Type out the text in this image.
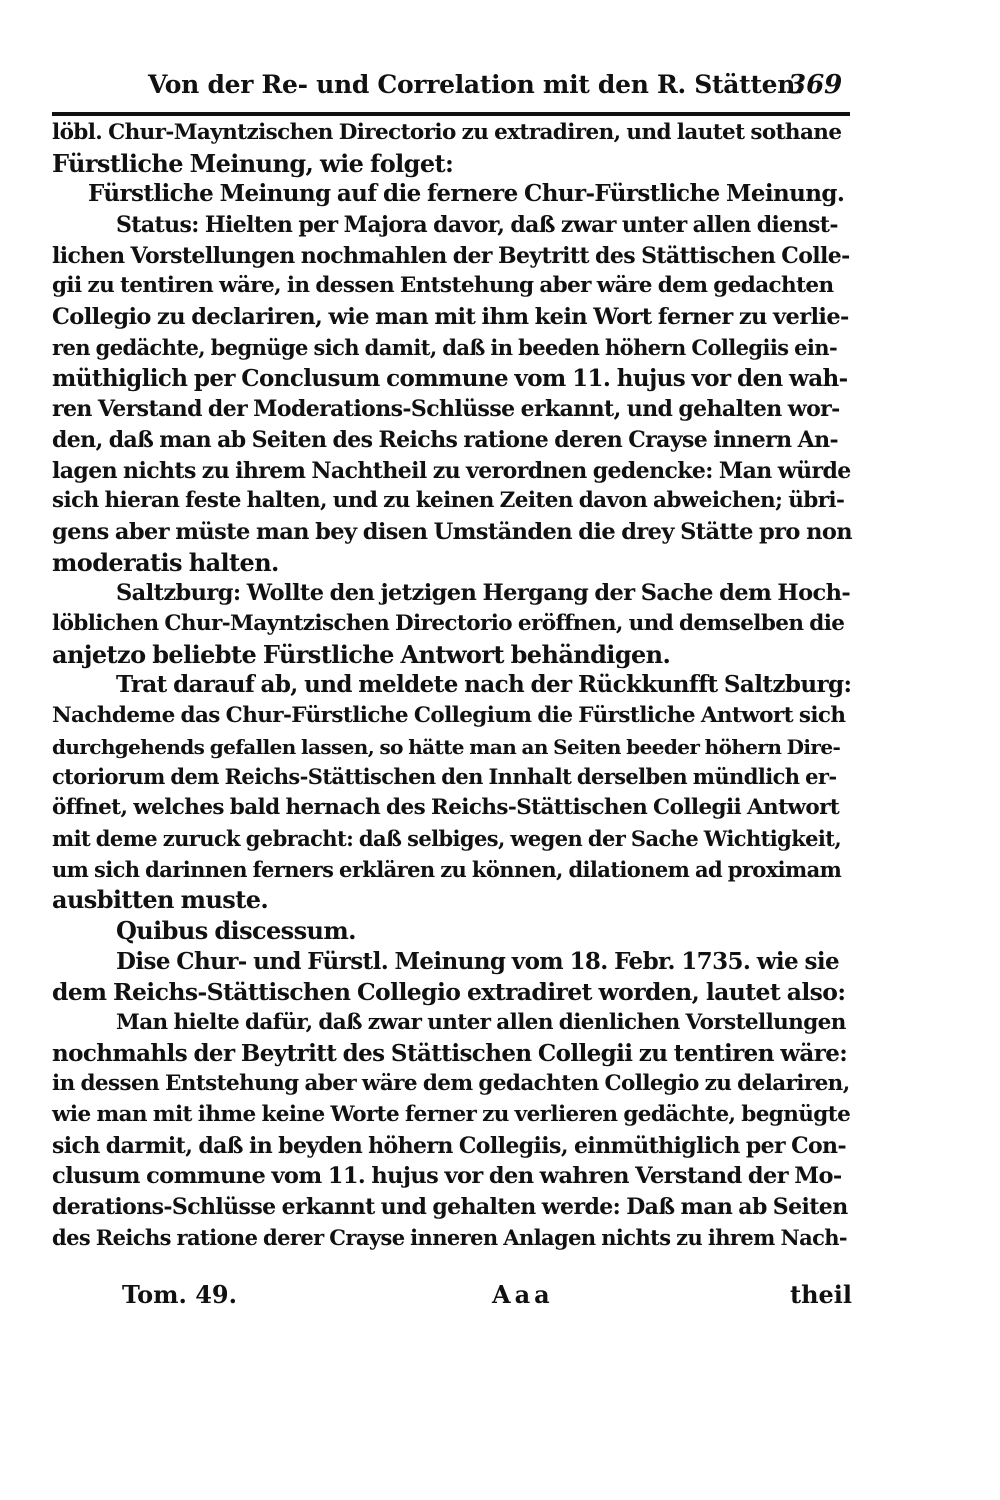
Von der Re- und Correlation mit den R. Stätten.
369
löbl. Chur-Mayntzischen Directorio zu extradiren, und lautet sothane
Fürstliche Meinung, wie folget:
Fürstliche Meinung auf die fernere Chur-Fürstliche Meinung.
Status: Hielten per Majora davor, daß zwar unter allen dienst-
lichen Vorstellungen nochmahlen der Beytritt des Stättischen Colle-
gii zu tentiren wäre, in dessen Entstehung aber wäre dem gedachten
Collegio zu declariren, wie man mit ihm kein Wort ferner zu verlie-
ren gedächte, begnüge sich damit, daß in beeden höhern Collegiis ein-
müthiglich per Conclusum commune vom 11. hujus vor den wah-
ren Verstand der Moderations-Schlüsse erkannt, und gehalten wor-
den, daß man ab Seiten des Reichs ratione deren Crayse innern An-
lagen nichts zu ihrem Nachtheil zu verordnen gedencke: Man würde
sich hieran feste halten, und zu keinen Zeiten davon abweichen; übri-
gens aber müste man bey disen Umständen die drey Stätte pro non
moderatis halten.
Saltzburg: Wollte den jetzigen Hergang der Sache dem Hoch-
löblichen Chur-Mayntzischen Directorio eröffnen, und demselben die
anjetzo beliebte Fürstliche Antwort behändigen.
Trat darauf ab, und meldete nach der Rückkunfft Saltzburg:
Nachdeme das Chur-Fürstliche Collegium die Fürstliche Antwort sich
durchgehends gefallen lassen, so hätte man an Seiten beeder höhern Dire-
ctoriorum dem Reichs-Stättischen den Innhalt derselben mündlich er-
öffnet, welches bald hernach des Reichs-Stättischen Collegii Antwort
mit deme zuruck gebracht: daß selbiges, wegen der Sache Wichtigkeit,
um sich darinnen ferners erklären zu können, dilationem ad proximam
ausbitten muste.
Quibus discessum.
Dise Chur- und Fürstl. Meinung vom 18. Febr. 1735. wie sie
dem Reichs-Stättischen Collegio extradiret worden, lautet also:
Man hielte dafür, daß zwar unter allen dienlichen Vorstellungen
nochmahls der Beytritt des Stättischen Collegii zu tentiren wäre:
in dessen Entstehung aber wäre dem gedachten Collegio zu delariren,
wie man mit ihme keine Worte ferner zu verlieren gedächte, begnügte
sich darmit, daß in beyden höhern Collegiis, einmüthiglich per Con-
clusum commune vom 11. hujus vor den wahren Verstand der Mo-
derations-Schlüsse erkannt und gehalten werde: Daß man ab Seiten
des Reichs ratione derer Crayse inneren Anlagen nichts zu ihrem Nach-
Tom. 49.	Aaa	theil
